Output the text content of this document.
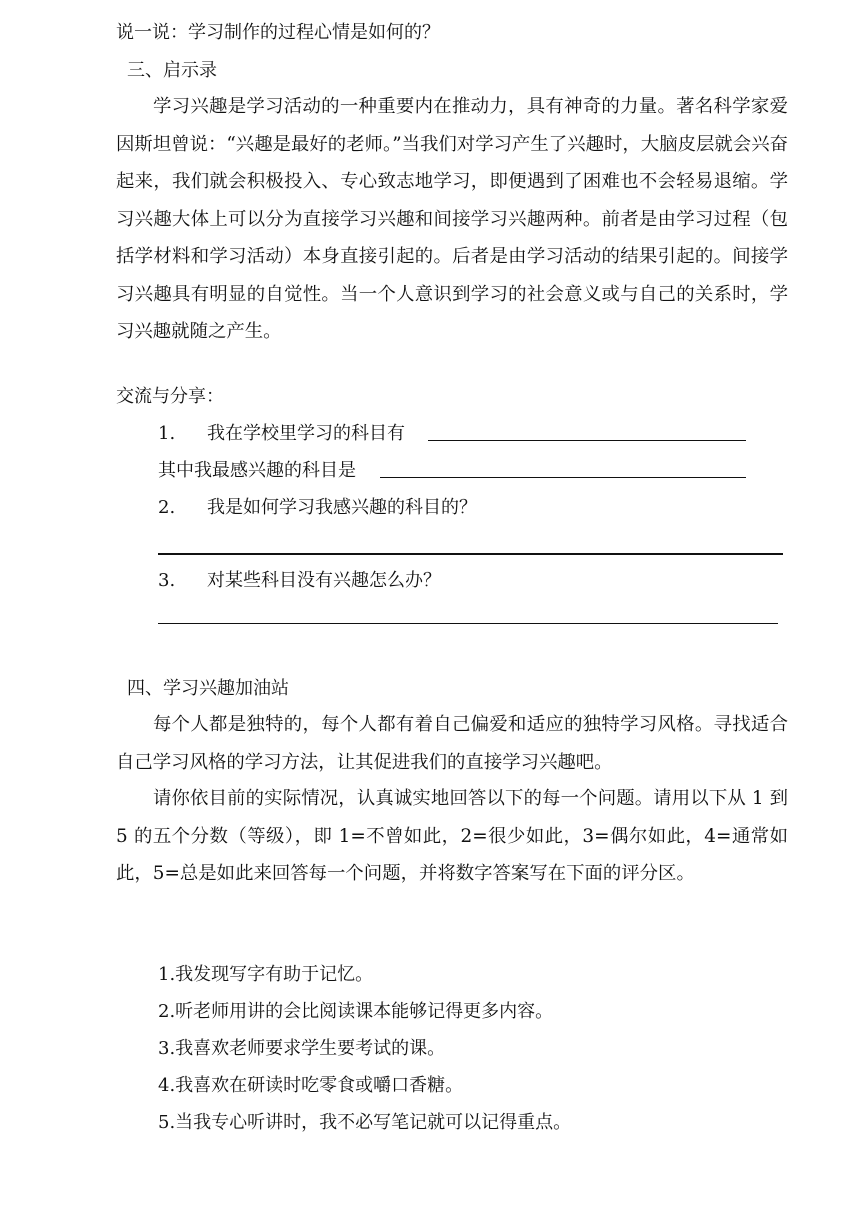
说一说：学习制作的过程心情是如何的？
三、启示录
学习兴趣是学习活动的一种重要内在推动力，具有神奇的力量。著名科学家爱因斯坦曾说：“兴趣是最好的老师。”当我们对学习产生了兴趣时，大脑皮层就会兴奋起来，我们就会积极投入、专心致志地学习，即便遇到了困难也不会轻易退缩。学习兴趣大体上可以分为直接学习兴趣和间接学习兴趣两种。前者是由学习过程（包括学材料和学习活动）本身直接引起的。后者是由学习活动的结果引起的。间接学习兴趣具有明显的自觉性。当一个人意识到学习的社会意义或与自己的关系时，学习兴趣就随之产生。
交流与分享：
1. 我在学校里学习的科目有
其中我最感兴趣的科目是
2. 我是如何学习我感兴趣的科目的？
3. 对某些科目没有兴趣怎么办？
四、学习兴趣加油站
每个人都是独特的，每个人都有着自己偏爱和适应的独特学习风格。寻找适合自己学习风格的学习方法，让其促进我们的直接学习兴趣吧。
请你依目前的实际情况，认真诚实地回答以下的每一个问题。请用以下从 1 到 5 的五个分数（等级），即 1=不曾如此，2=很少如此，3=偶尔如此，4=通常如此，5=总是如此来回答每一个问题，并将数字答案写在下面的评分区。
1.我发现写字有助于记忆。
2.听老师用讲的会比阅读课本能够记得更多内容。
3.我喜欢老师要求学生要考试的课。
4.我喜欢在研读时吃零食或嚼口香糖。
5.当我专心听讲时，我不必写笔记就可以记得重点。
